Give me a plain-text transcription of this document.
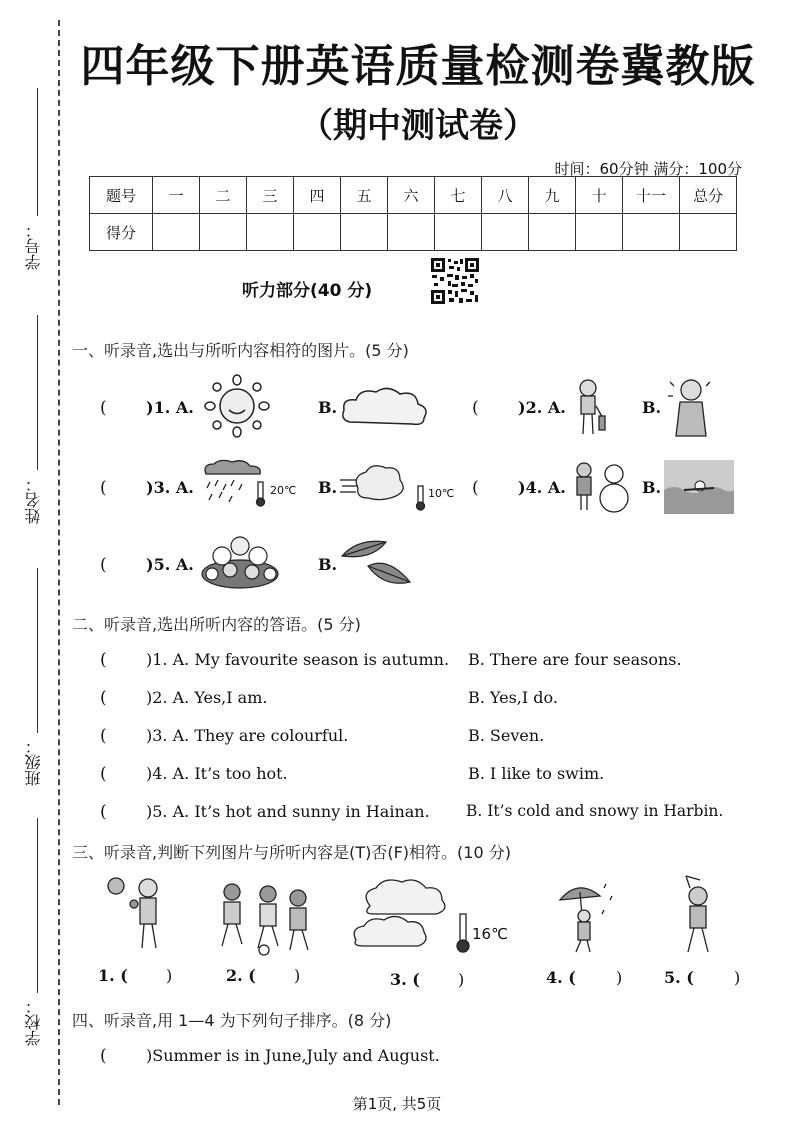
学号：
姓名：
班级：
学校：
四年级下册英语质量检测卷冀教版
（期中测试卷）
时间：60分钟 满分：100分
题号	一	二	三	四	五	六	七	八	九	十	十一	总分
得分												
听力部分(40 分)
一、听录音,选出与所听内容相符的图片。(5 分)
( )1. A.	B.	( )2. A.	B.
( )3. A.	20℃ B.	10℃ ( )4. A.	B.
( )5. A.	B.
二、听录音,选出所听内容的答语。(5 分)
( )1. A. My favourite season is autumn. B. There are four seasons.
( )2. A. Yes,I am.	B. Yes,I do.
( )3. A. They are colourful.	B. Seven.
( )4. A. It’s too hot.	B. I like to swim.
( )5. A. It’s hot and sunny in Hainan. B. It’s cold and snowy in Harbin.
三、听录音,判断下列图片与所听内容是(T)否(F)相符。(10 分)
16℃
1. ( )	2. ( )	3. ( )	4. (	)	5. (	)
四、听录音,用 1—4 为下列句子排序。(8 分)
( )Summer is in June,July and August.
第1页, 共5页
